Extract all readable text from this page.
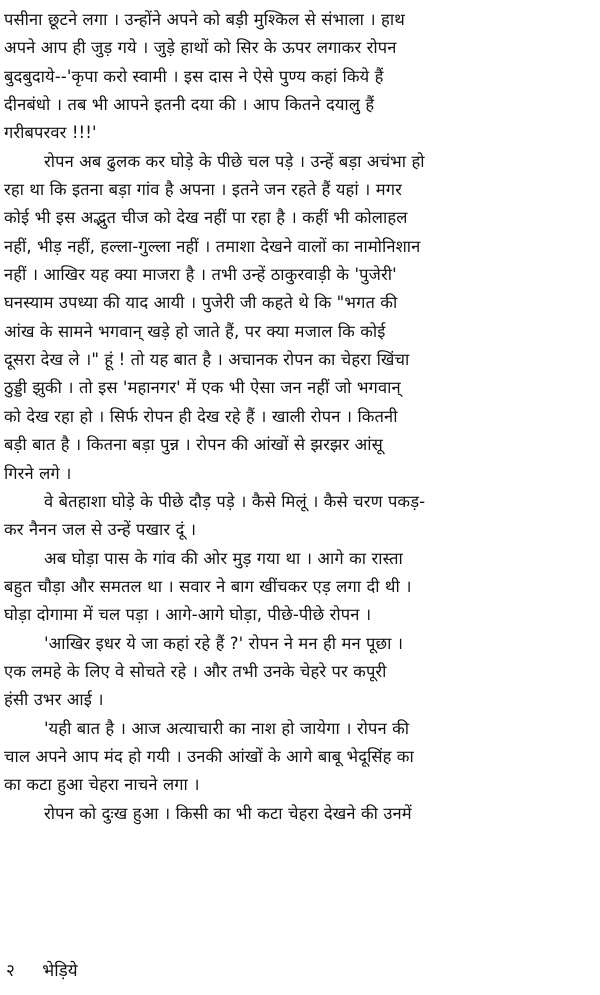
पसीना छूटने लगा । उन्होंने अपने को बड़ी मुश्किल से संभाला । हाथ
अपने आप ही जुड़ गये । जुड़े हाथों को सिर के ऊपर लगाकर रोपन
बुदबुदाये--'कृपा करो स्वामी । इस दास ने ऐसे पुण्य कहां किये हैं
दीनबंधो । तब भी आपने इतनी दया की । आप कितने दयालु हैं
गरीबपरवर !!!'
रोपन अब ढुलक कर घोड़े के पीछे चल पड़े । उन्हें बड़ा अचंभा हो
रहा था कि इतना बड़ा गांव है अपना । इतने जन रहते हैं यहां । मगर
कोई भी इस अद्भुत चीज को देख नहीं पा रहा है । कहीं भी कोलाहल
नहीं, भीड़ नहीं, हल्ला-गुल्ला नहीं । तमाशा देखने वालों का नामोनिशान
नहीं । आखिर यह क्या माजरा है । तभी उन्हें ठाकुरवाड़ी के 'पुजेरी'
घनस्याम उपध्या की याद आयी । पुजेरी जी कहते थे कि "भगत की
आंख के सामने भगवान् खड़े हो जाते हैं, पर क्या मजाल कि कोई
दूसरा देख ले ।" हूं ! तो यह बात है । अचानक रोपन का चेहरा खिंचा
ठुड्डी झुकी । तो इस 'महानगर' में एक भी ऐसा जन नहीं जो भगवान्
को देख रहा हो । सिर्फ रोपन ही देख रहे हैं । खाली रोपन । कितनी
बड़ी बात है । कितना बड़ा पुन्न । रोपन की आंखों से झरझर आंसू
गिरने लगे ।
वे बेतहाशा घोड़े के पीछे दौड़ पड़े । कैसे मिलूं । कैसे चरण पकड़-
कर नैनन जल से उन्हें पखार दूं ।
अब घोड़ा पास के गांव की ओर मुड़ गया था । आगे का रास्ता
बहुत चौड़ा और समतल था । सवार ने बाग खींचकर एड़ लगा दी थी ।
घोड़ा दोगामा में चल पड़ा । आगे-आगे घोड़ा, पीछे-पीछे रोपन ।
'आखिर इधर ये जा कहां रहे हैं ?' रोपन ने मन ही मन पूछा ।
एक लमहे के लिए वे सोचते रहे । और तभी उनके चेहरे पर कपूरी
हंसी उभर आई ।
'यही बात है । आज अत्याचारी का नाश हो जायेगा । रोपन की
चाल अपने आप मंद हो गयी । उनकी आंखों के आगे बाबू भेदूसिंह का
का कटा हुआ चेहरा नाचने लगा ।
रोपन को दुःख हुआ । किसी का भी कटा चेहरा देखने की उनमें
२ भेड़िये
